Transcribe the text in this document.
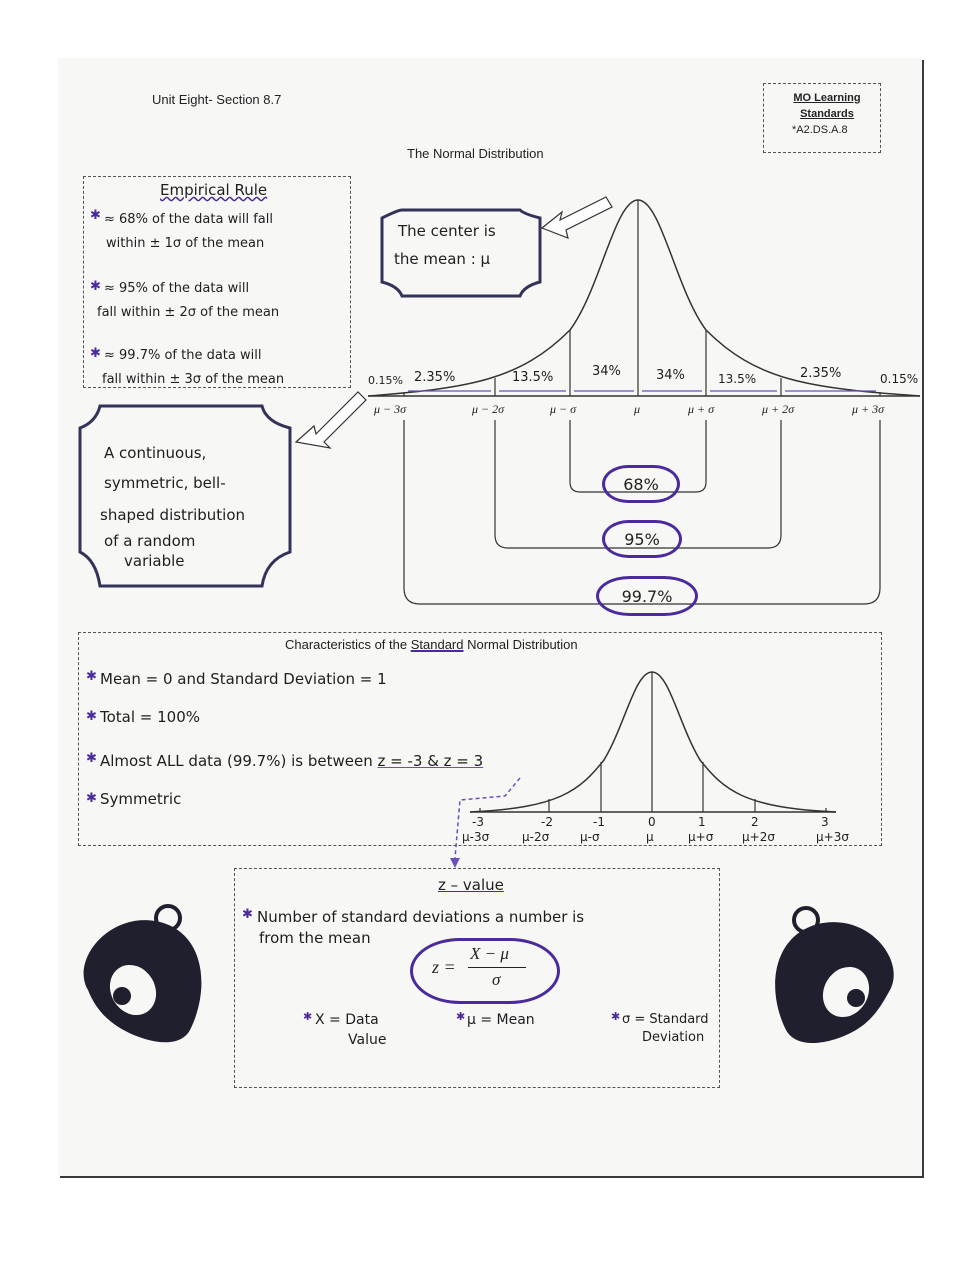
Unit Eight- Section 8.7
The Normal Distribution
MO Learning Standards
*A2.DS.A.8
Empirical Rule
✱ ≈ 68% of the data will fall
within ± 1σ of the mean
✱ ≈ 95% of the data will
fall within ± 2σ of the mean
✱ ≈ 99.7% of the data will
fall within ± 3σ of the mean
The center is
the mean : μ
A continuous,
symmetric, bell-
shaped distribution
of a random
variable
0.15% 2.35%	13.5%	34%	34%	13.5%	2.35%	0.15%
μ − 3σ	μ − 2σ	μ − σ	μ	μ + σ	μ + 2σ	μ + 3σ
68%
95%
99.7%
Characteristics of the Standard Normal Distribution
✱ Mean = 0 and Standard Deviation = 1
✱ Total = 100%
✱ Almost ALL data (99.7%) is between z = -3 & z = 3
✱ Symmetric
-3	-2	-1	0	1	2	3
μ-3σ	μ-2σ	μ-σ	μ	μ+σ μ+2σ	μ+3σ
z – value
✱ Number of standard deviations a number is
from the mean
z =
X − μ
σ
✱ X = Data
Value
✱ μ = Mean	✱ σ = Standard
Deviation
